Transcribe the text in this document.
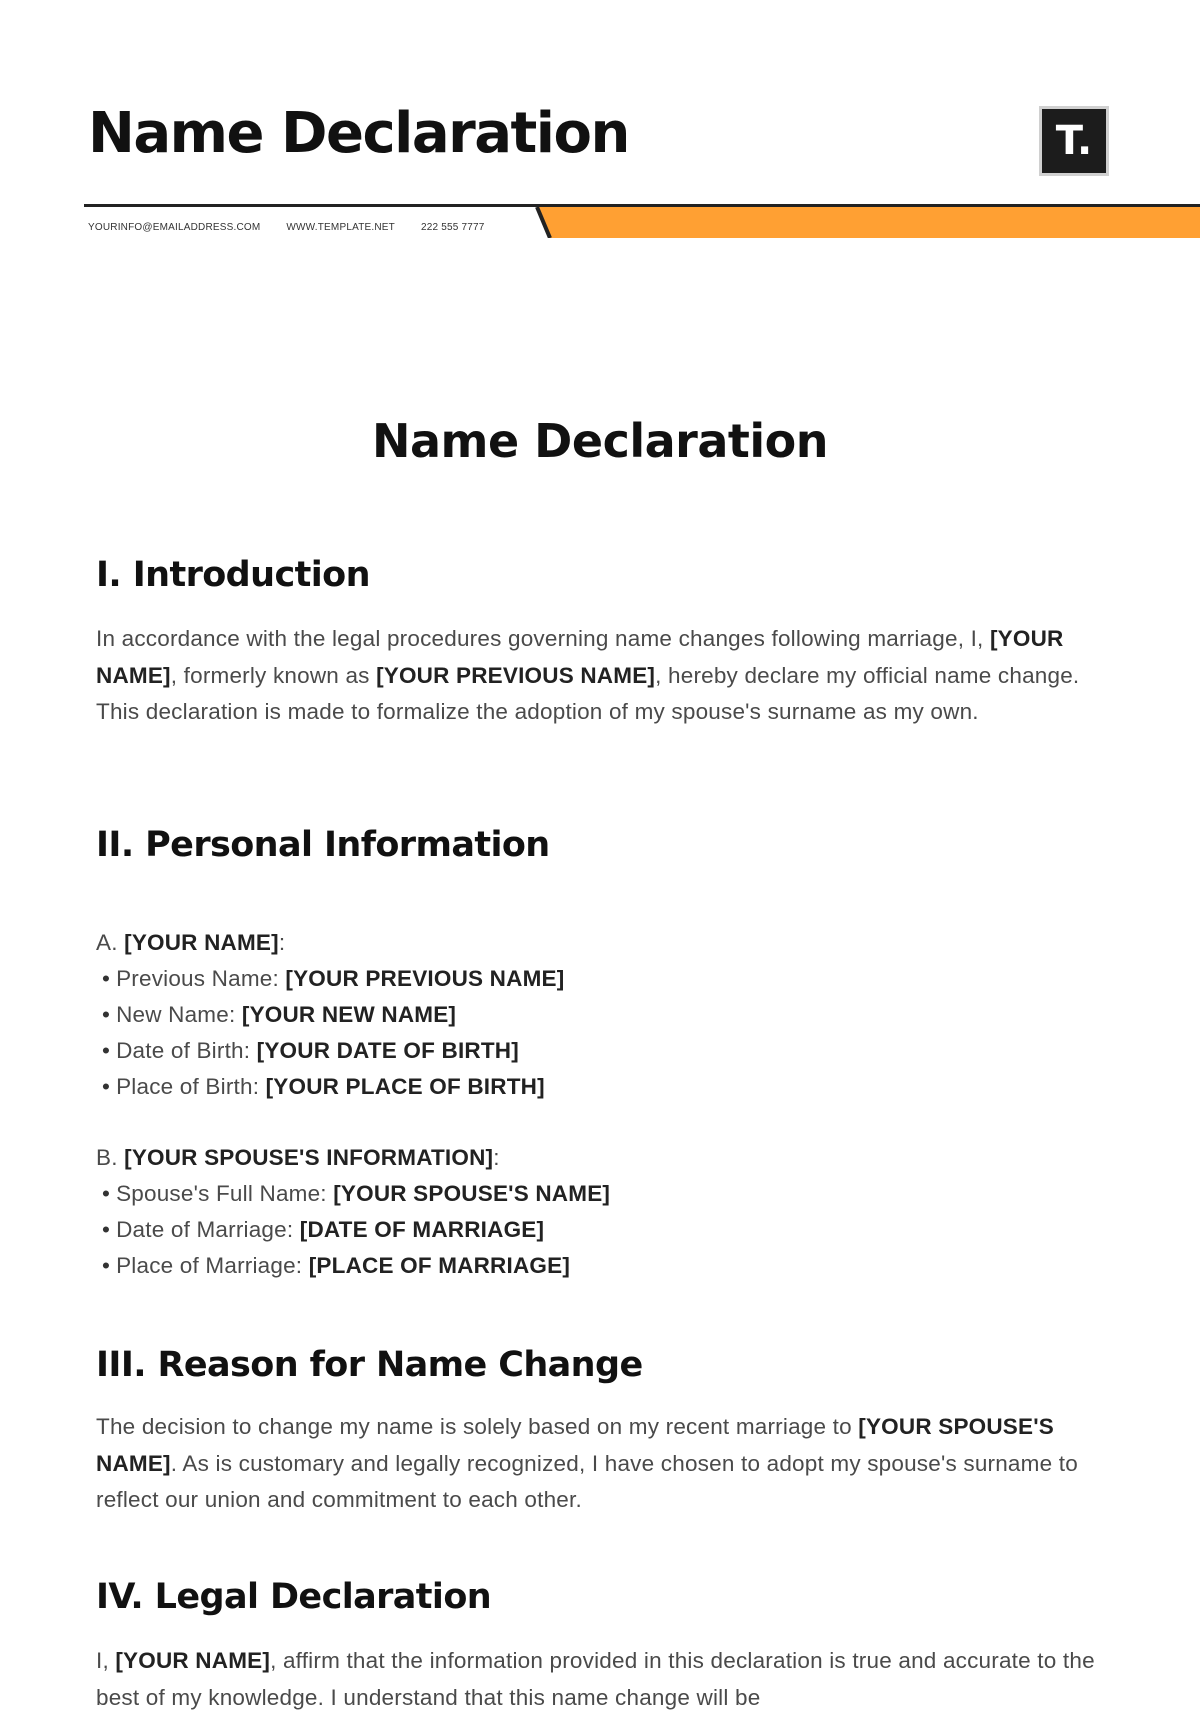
Name Declaration	T.
YOURINFO@EMAILADDRESS.COM	WWW.TEMPLATE.NET	222 555 7777
Name Declaration
I. Introduction

In accordance with the legal procedures governing name changes following marriage, I, [YOUR NAME], formerly known as [YOUR PREVIOUS NAME], hereby declare my official name change. This declaration is made to formalize the adoption of my spouse's surname as my own.

II. Personal Information
A. [YOUR NAME]:
• Previous Name: [YOUR PREVIOUS NAME]
• New Name: [YOUR NEW NAME]
• Date of Birth: [YOUR DATE OF BIRTH]
• Place of Birth: [YOUR PLACE OF BIRTH]
B. [YOUR SPOUSE'S INFORMATION]:
• Spouse's Full Name: [YOUR SPOUSE'S NAME]
• Date of Marriage: [DATE OF MARRIAGE]
• Place of Marriage: [PLACE OF MARRIAGE]
III. Reason for Name Change

The decision to change my name is solely based on my recent marriage to [YOUR SPOUSE'S NAME]. As is customary and legally recognized, I have chosen to adopt my spouse's surname to reflect our union and commitment to each other.

IV. Legal Declaration

I, [YOUR NAME], affirm that the information provided in this declaration is true and accurate to the best of my knowledge. I understand that this name change will be
